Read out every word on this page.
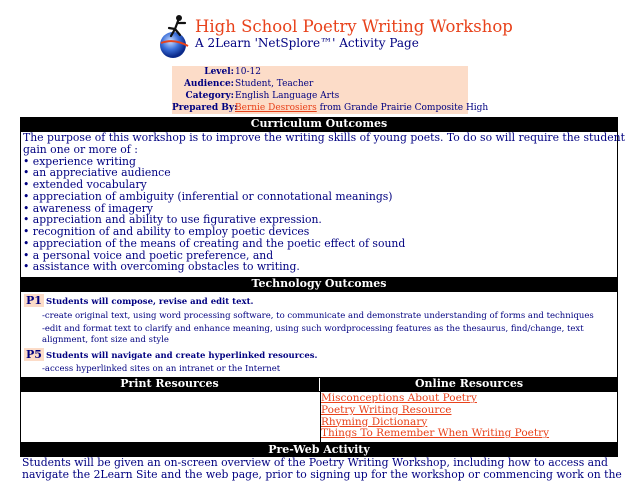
High School Poetry Writing Workshop
A 2Learn 'NetSplore™' Activity Page
Level: 10-12
Audience: Student, Teacher
Category: English Language Arts
Prepared By:
Bernie Desrosiers from Grande Prairie Composite High
Curriculum Outcomes
The purpose of this workshop is to improve the writing skills of young poets. To do so will require the student
gain one or more of :
• experience writing
• an appreciative audience
• extended vocabulary
• appreciation of ambiguity (inferential or connotational meanings)
• awareness of imagery
• appreciation and ability to use figurative expression.
• recognition of and ability to employ poetic devices
• appreciation of the means of creating and the poetic effect of sound
• a personal voice and poetic preference, and
• assistance with overcoming obstacles to writing.
Technology Outcomes
P1 Students will compose, revise and edit text.
-create original text, using word processing software, to communicate and demonstrate understanding of forms and techniques
-edit and format text to clarify and enhance meaning, using such wordprocessing features as the thesaurus, find/change, text alignment, font size and style
P5 Students will navigate and create hyperlinked resources.
-access hyperlinked sites on an intranet or the Internet
Print Resources	Online Resources
Misconceptions About Poetry
Poetry Writing Resource
Rhyming Dictionary
Things To Remember When Writing Poetry
Pre-Web Activity
Students will be given an on-screen overview of the Poetry Writing Workshop, including how to access and
navigate the 2Learn Site and the web page, prior to signing up for the workshop or commencing work on the
